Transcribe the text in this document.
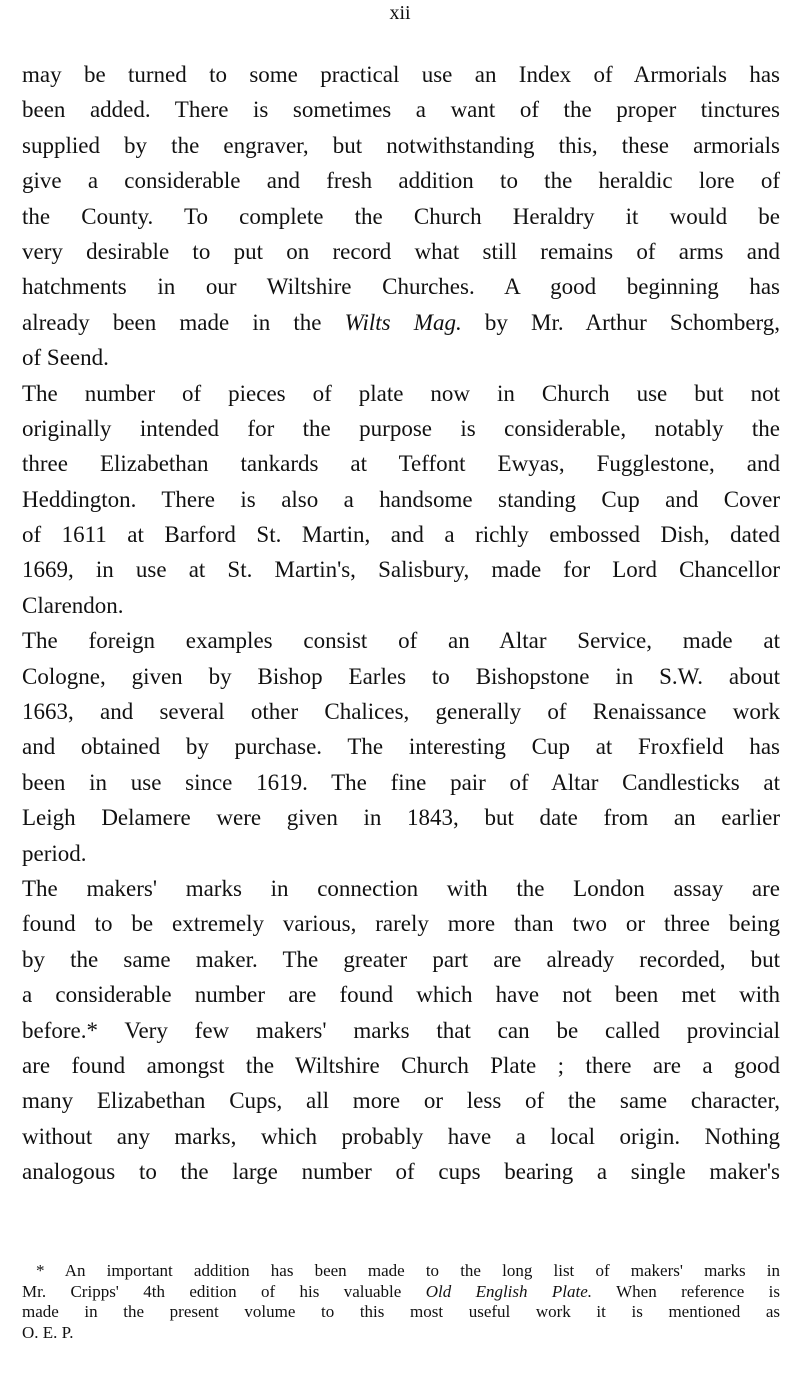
xii
may be turned to some practical use an Index of Armorials has
been added. There is sometimes a want of the proper tinctures
supplied by the engraver, but notwithstanding this, these armorials
give a considerable and fresh addition to the heraldic lore of
the County. To complete the Church Heraldry it would be
very desirable to put on record what still remains of arms and
hatchments in our Wiltshire Churches. A good beginning has
already been made in the Wilts Mag. by Mr. Arthur Schomberg,
of Seend.
The number of pieces of plate now in Church use but not
originally intended for the purpose is considerable, notably the
three Elizabethan tankards at Teffont Ewyas, Fugglestone, and
Heddington. There is also a handsome standing Cup and Cover
of 1611 at Barford St. Martin, and a richly embossed Dish, dated
1669, in use at St. Martin's, Salisbury, made for Lord Chancellor
Clarendon.
The foreign examples consist of an Altar Service, made at
Cologne, given by Bishop Earles to Bishopstone in S.W. about
1663, and several other Chalices, generally of Renaissance work
and obtained by purchase. The interesting Cup at Froxfield has
been in use since 1619. The fine pair of Altar Candlesticks at
Leigh Delamere were given in 1843, but date from an earlier
period.
The makers' marks in connection with the London assay are
found to be extremely various, rarely more than two or three being
by the same maker. The greater part are already recorded, but
a considerable number are found which have not been met with
before.* Very few makers' marks that can be called provincial
are found amongst the Wiltshire Church Plate ; there are a good
many Elizabethan Cups, all more or less of the same character,
without any marks, which probably have a local origin. Nothing
analogous to the large number of cups bearing a single maker's
* An important addition has been made to the long list of makers' marks in
Mr. Cripps' 4th edition of his valuable Old English Plate. When reference is
made in the present volume to this most useful work it is mentioned as
O. E. P.
